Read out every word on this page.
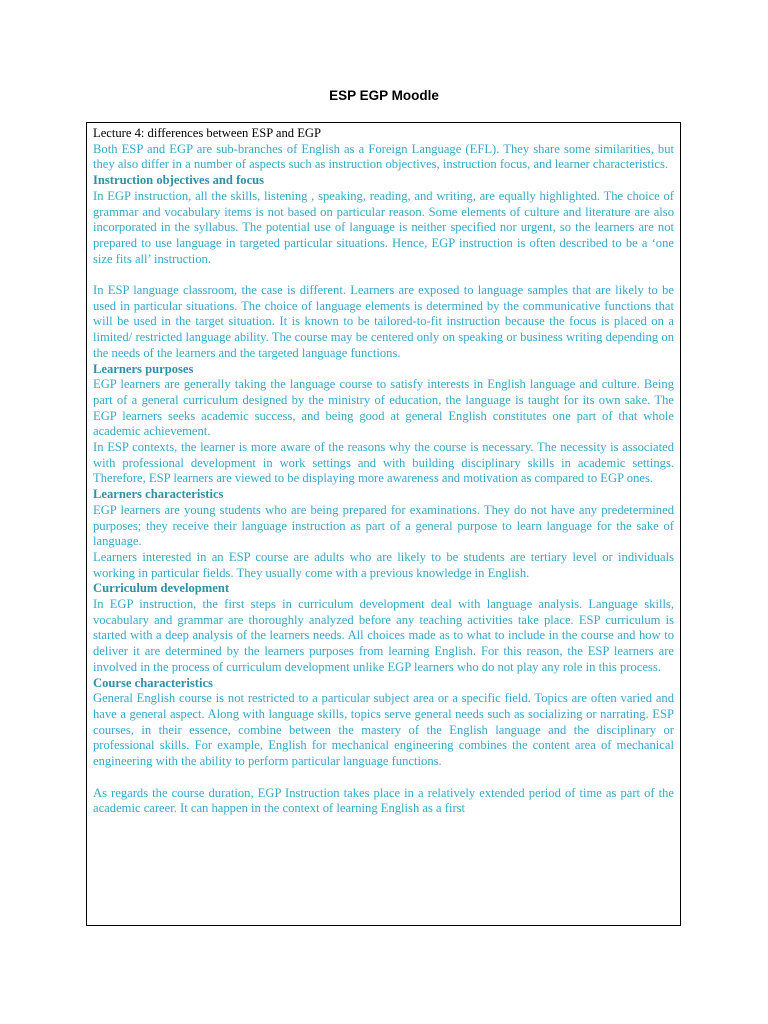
ESP EGP Moodle

Lecture 4: differences between ESP and EGP

Both ESP and EGP are sub-branches of English as a Foreign Language (EFL). They share some similarities, but they also differ in a number of aspects such as instruction objectives, instruction focus, and learner characteristics.

Instruction objectives and focus

In EGP instruction, all the skills, listening , speaking, reading, and writing, are equally highlighted. The choice of grammar and vocabulary items is not based on particular reason. Some elements of culture and literature are also incorporated in the syllabus. The potential use of language is neither specified nor urgent, so the learners are not prepared to use language in targeted particular situations. Hence, EGP instruction is often described to be a ‘one size fits all’ instruction.

In ESP language classroom, the case is different. Learners are exposed to language samples that are likely to be used in particular situations. The choice of language elements is determined by the communicative functions that will be used in the target situation. It is known to be tailored-to-fit instruction because the focus is placed on a limited/ restricted language ability. The course may be centered only on speaking or business writing depending on the needs of the learners and the targeted language functions.

Learners purposes

EGP learners are generally taking the language course to satisfy interests in English language and culture. Being part of a general curriculum designed by the ministry of education, the language is taught for its own sake. The EGP learners seeks academic success, and being good at general English constitutes one part of that whole academic achievement.

In ESP contexts, the learner is more aware of the reasons why the course is necessary. The necessity is associated with professional development in work settings and with building disciplinary skills in academic settings. Therefore, ESP learners are viewed to be displaying more awareness and motivation as compared to EGP ones.

Learners characteristics

EGP learners are young students who are being prepared for examinations. They do not have any predetermined purposes; they receive their language instruction as part of a general purpose to learn language for the sake of language.

Learners interested in an ESP course are adults who are likely to be students are tertiary level or individuals working in particular fields. They usually come with a previous knowledge in English.

Curriculum development

In EGP instruction, the first steps in curriculum development deal with language analysis. Language skills, vocabulary and grammar are thoroughly analyzed before any teaching activities take place. ESP curriculum is started with a deep analysis of the learners needs. All choices made as to what to include in the course and how to deliver it are determined by the learners purposes from learning English. For this reason, the ESP learners are involved in the process of curriculum development unlike EGP learners who do not play any role in this process.

Course characteristics

General English course is not restricted to a particular subject area or a specific field. Topics are often varied and have a general aspect. Along with language skills, topics serve general needs such as socializing or narrating. ESP courses, in their essence, combine between the mastery of the English language and the disciplinary or professional skills. For example, English for mechanical engineering combines the content area of mechanical engineering with the ability to perform particular language functions.

As regards the course duration, EGP Instruction takes place in a relatively extended period of time as part of the academic career. It can happen in the context of learning English as a first
